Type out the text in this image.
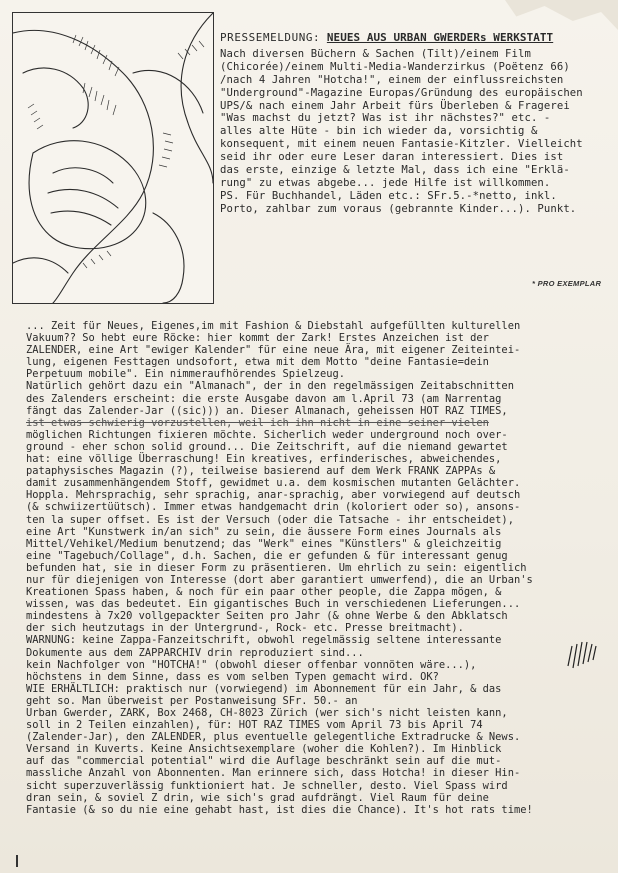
PRESSEMELDUNG: NEUES AUS URBAN GWERDERs WERKSTATT
Nach diversen Büchern & Sachen (Tilt)/einem Film
(Chicorée)/einem Multi-Media-Wanderzirkus (Poëtenz 66)
/nach 4 Jahren "Hotcha!", einem der einflussreichsten
"Underground"-Magazine Europas/Gründung des europäischen
UPS/& nach einem Jahr Arbeit fürs Überleben & Fragerei
"Was machst du jetzt? Was ist ihr nächstes?" etc. -
alles alte Hüte - bin ich wieder da, vorsichtig &
konsequent, mit einem neuen Fantasie-Kitzler. Vielleicht
seid ihr oder eure Leser daran interessiert. Dies ist
das erste, einzige & letzte Mal, dass ich eine "Erklä-
rung" zu etwas abgebe... jede Hilfe ist willkommen.
PS. Für Buchhandel, Läden etc.: SFr.5.-*netto, inkl.
Porto, zahlbar zum voraus (gebrannte Kinder...). Punkt.
* PRO EXEMPLAR
... Zeit für Neues, Eigenes,im mit Fashion & Diebstahl aufgefüllten kulturellen
Vakuum?? So hebt eure Röcke: hier kommt der Zark! Erstes Anzeichen ist der
ZALENDER, eine Art "ewiger Kalender" für eine neue Ära, mit eigener Zeiteintei-
lung, eigenen Festtagen undsofort, etwa mit dem Motto "deine Fantasie=dein
Perpetuum mobile". Ein nimmeraufhörendes Spielzeug.
Natürlich gehört dazu ein "Almanach", der in den regelmässigen Zeitabschnitten
des Zalenders erscheint: die erste Ausgabe davon am l.April 73 (am Narrentag
fängt das Zalender-Jar ((sic))) an. Dieser Almanach, geheissen HOT RAZ TIMES,
ist etwas schwierig vorzustellen, weil ich ihn nicht in eine seiner vielen
möglichen Richtungen fixieren möchte. Sicherlich weder underground noch over-
ground - eher schon solid ground... Die Zeitschrift, auf die niemand gewartet
hat: eine völlige Überraschung! Ein kreatives, erfinderisches, abweichendes,
pataphysisches Magazin (?), teilweise basierend auf dem Werk FRANK ZAPPAs &
damit zusammenhängendem Stoff, gewidmet u.a. dem kosmischen mutanten Gelächter.
Hoppla. Mehrsprachig, sehr sprachig, anar-sprachig, aber vorwiegend auf deutsch
(& schwiizertüütsch). Immer etwas handgemacht drin (koloriert oder so), ansons-
ten la super offset. Es ist der Versuch (oder die Tatsache - ihr entscheidet),
eine Art "Kunstwerk in/an sich" zu sein, die äussere Form eines Journals als
Mittel/Vehikel/Medium benutzend; das "Werk" eines "Künstlers" & gleichzeitig
eine "Tagebuch/Collage", d.h. Sachen, die er gefunden & für interessant genug
befunden hat, sie in dieser Form zu präsentieren. Um ehrlich zu sein: eigentlich
nur für diejenigen von Interesse (dort aber garantiert umwerfend), die an Urban's
Kreationen Spass haben, & noch für ein paar other people, die Zappa mögen, &
wissen, was das bedeutet. Ein gigantisches Buch in verschiedenen Lieferungen...
mindestens à 7x20 vollgepackter Seiten pro Jahr (& ohne Werbe & den Abklatsch
der sich heutzutags in der Untergrund-, Rock- etc. Presse breitmacht).
WARNUNG: keine Zappa-Fanzeitschrift, obwohl regelmässig seltene interessante
Dokumente aus dem ZAPPARCHIV drin reproduziert sind...
kein Nachfolger von "HOTCHA!" (obwohl dieser offenbar vonnöten wäre...),
höchstens in dem Sinne, dass es vom selben Typen gemacht wird. OK?
WIE ERHÄLTLICH: praktisch nur (vorwiegend) im Abonnement für ein Jahr, & das
geht so. Man überweist per Postanweisung SFr. 50.- an
Urban Gwerder, ZARK, Box 2468, CH-8023 Zürich (wer sich's nicht leisten kann,
soll in 2 Teilen einzahlen), für: HOT RAZ TIMES vom April 73 bis April 74
(Zalender-Jar), den ZALENDER, plus eventuelle gelegentliche Extradrucke & News.
Versand in Kuverts. Keine Ansichtsexemplare (woher die Kohlen?). Im Hinblick
auf das "commercial potential" wird die Auflage beschränkt sein auf die mut-
massliche Anzahl von Abonnenten. Man erinnere sich, dass Hotcha! in dieser Hin-
sicht superzuverlässig funktioniert hat. Je schneller, desto. Viel Spass wird
dran sein, & soviel Z drin, wie sich's grad aufdrängt. Viel Raum für deine
Fantasie (& so du nie eine gehabt hast, ist dies die Chance). It's hot rats time!
